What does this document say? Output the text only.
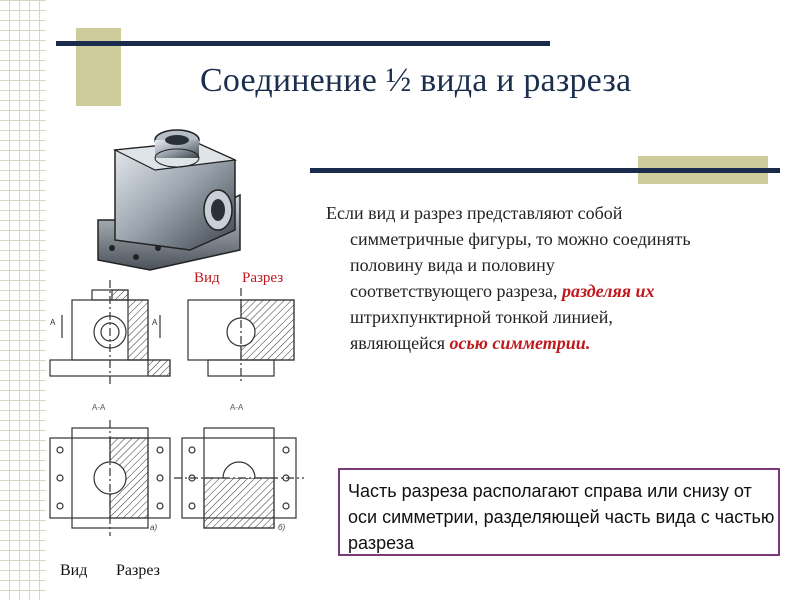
Соединение ½ вида и разреза

Если вид и разрез представляют собой
симметричные фигуры, то можно соединять
половину вида и половину
соответствующего разреза, разделяя их
штрихпунктирной тонкой линией,
являющейся осью симметрии.

Часть разреза располагают справа или снизу от оси симметрии, разделяющей часть вида с частью разреза
А	А
А-А	А-А
а)	б)
Вид Разрез
Вид Разрез
